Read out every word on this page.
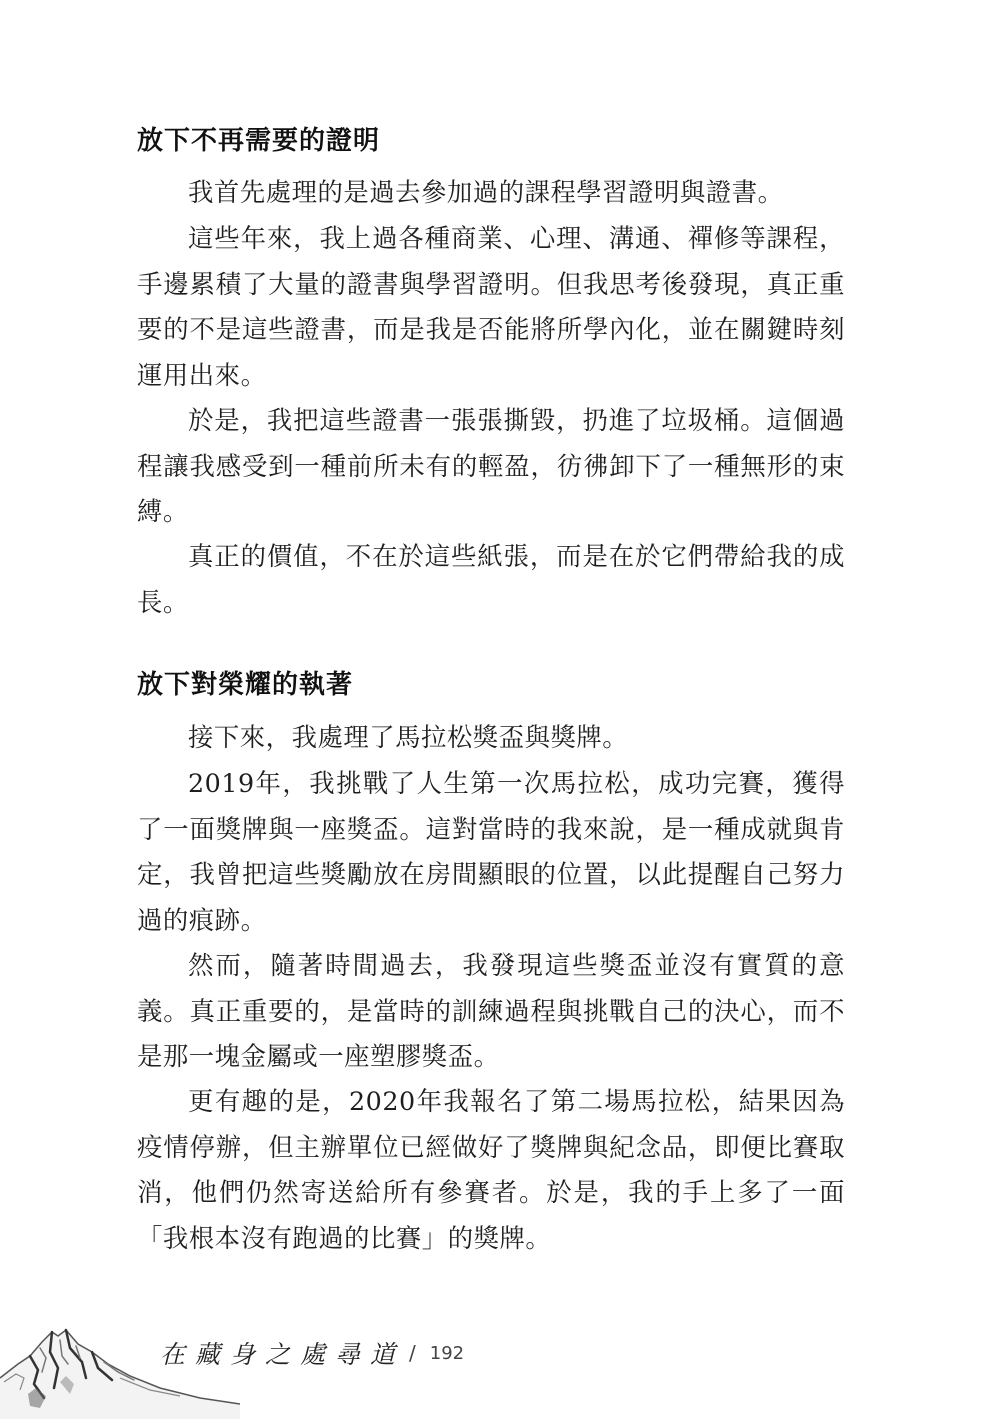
放下不再需要的證明

我首先處理的是過去參加過的課程學習證明與證書。

這些年來，我上過各種商業、心理、溝通、禪修等課程，手邊累積了大量的證書與學習證明。但我思考後發現，真正重要的不是這些證書，而是我是否能將所學內化，並在關鍵時刻運用出來。

於是，我把這些證書一張張撕毀，扔進了垃圾桶。這個過程讓我感受到一種前所未有的輕盈，彷彿卸下了一種無形的束縛。

真正的價值，不在於這些紙張，而是在於它們帶給我的成長。

放下對榮耀的執著

接下來，我處理了馬拉松獎盃與獎牌。

2019年，我挑戰了人生第一次馬拉松，成功完賽，獲得了一面獎牌與一座獎盃。這對當時的我來說，是一種成就與肯定，我曾把這些獎勵放在房間顯眼的位置，以此提醒自己努力過的痕跡。

然而，隨著時間過去，我發現這些獎盃並沒有實質的意義。真正重要的，是當時的訓練過程與挑戰自己的決心，而不是那一塊金屬或一座塑膠獎盃。

更有趣的是，2020年我報名了第二場馬拉松，結果因為疫情停辦，但主辦單位已經做好了獎牌與紀念品，即便比賽取消，他們仍然寄送給所有參賽者。於是，我的手上多了一面「我根本沒有跑過的比賽」的獎牌。

在藏身之處尋道 / 192
